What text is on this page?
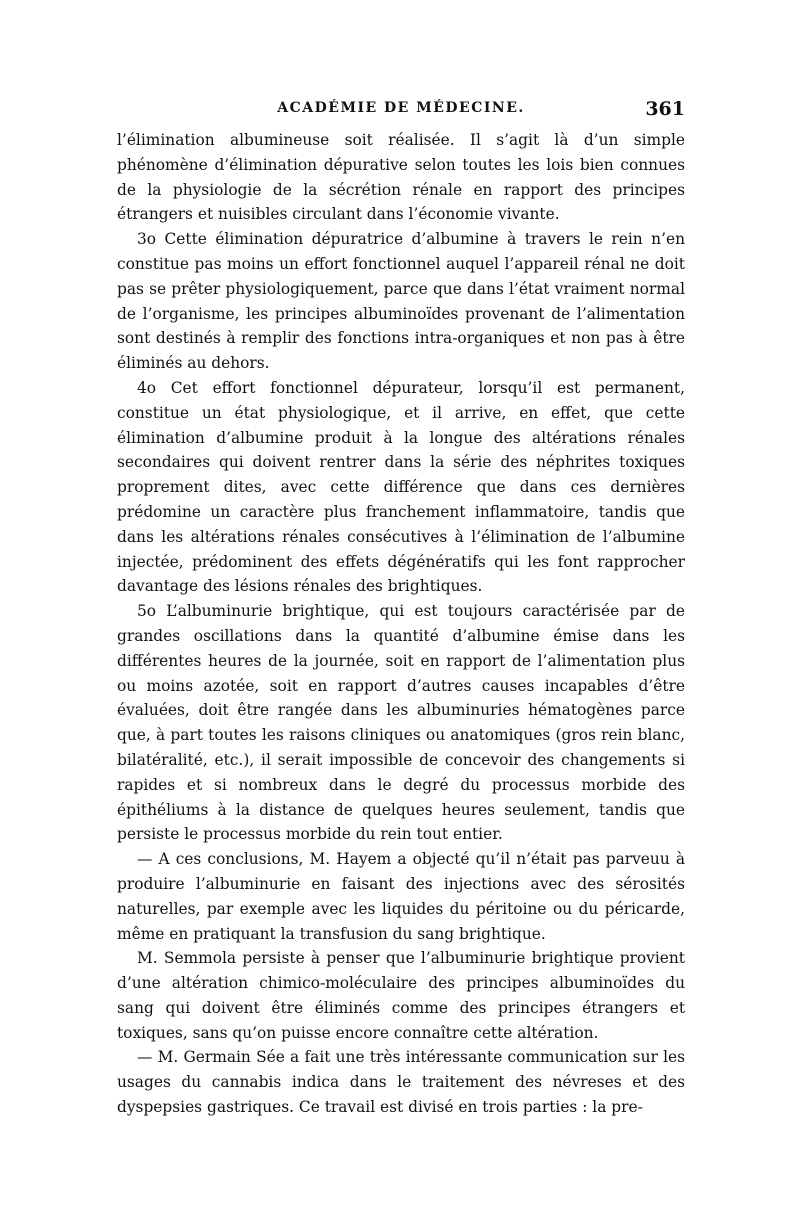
ACADÉMIE DE MÉDECINE.	361

l’élimination albumineuse soit réalisée. Il s’agit là d’un simple phénomène d’élimination dépurative selon toutes les lois bien connues de la physiologie de la sécrétion rénale en rapport des principes étrangers et nuisibles circulant dans l’économie vivante.

3o Cette élimination dépuratrice d’albumine à travers le rein n’en constitue pas moins un effort fonctionnel auquel l’appareil rénal ne doit pas se prêter physiologiquement, parce que dans l’état vraiment normal de l’organisme, les principes albuminoïdes provenant de l’alimentation sont destinés à remplir des fonctions intra-organiques et non pas à être éliminés au dehors.

4o Cet effort fonctionnel dépurateur, lorsqu’il est permanent, constitue un état physiologique, et il arrive, en effet, que cette élimination d’albumine produit à la longue des altérations rénales secondaires qui doivent rentrer dans la série des néphrites toxiques proprement dites, avec cette différence que dans ces dernières prédomine un caractère plus franchement inflammatoire, tandis que dans les altérations rénales consécutives à l’élimination de l’albumine injectée, prédominent des effets dégénératifs qui les font rapprocher davantage des lésions rénales des brightiques.

5o L’albuminurie brightique, qui est toujours caractérisée par de grandes oscillations dans la quantité d’albumine émise dans les différentes heures de la journée, soit en rapport de l’alimentation plus ou moins azotée, soit en rapport d’autres causes incapables d’être évaluées, doit être rangée dans les albuminuries hématogènes parce que, à part toutes les raisons cliniques ou anatomiques (gros rein blanc, bilatéralité, etc.), il serait impossible de concevoir des changements si rapides et si nombreux dans le degré du processus morbide des épithéliums à la distance de quelques heures seulement, tandis que persiste le processus morbide du rein tout entier.

— A ces conclusions, M. Hayem a objecté qu’il n’était pas parveuu à produire l’albuminurie en faisant des injections avec des sérosités naturelles, par exemple avec les liquides du péritoine ou du péricarde, même en pratiquant la transfusion du sang brightique.

M. Semmola persiste à penser que l’albuminurie brightique provient d’une altération chimico-moléculaire des principes albuminoïdes du sang qui doivent être éliminés comme des principes étrangers et toxiques, sans qu’on puisse encore connaître cette altération.

— M. Germain Sée a fait une très intéressante communication sur les usages du cannabis indica dans le traitement des névreses et des dyspepsies gastriques. Ce travail est divisé en trois parties : la pre-
